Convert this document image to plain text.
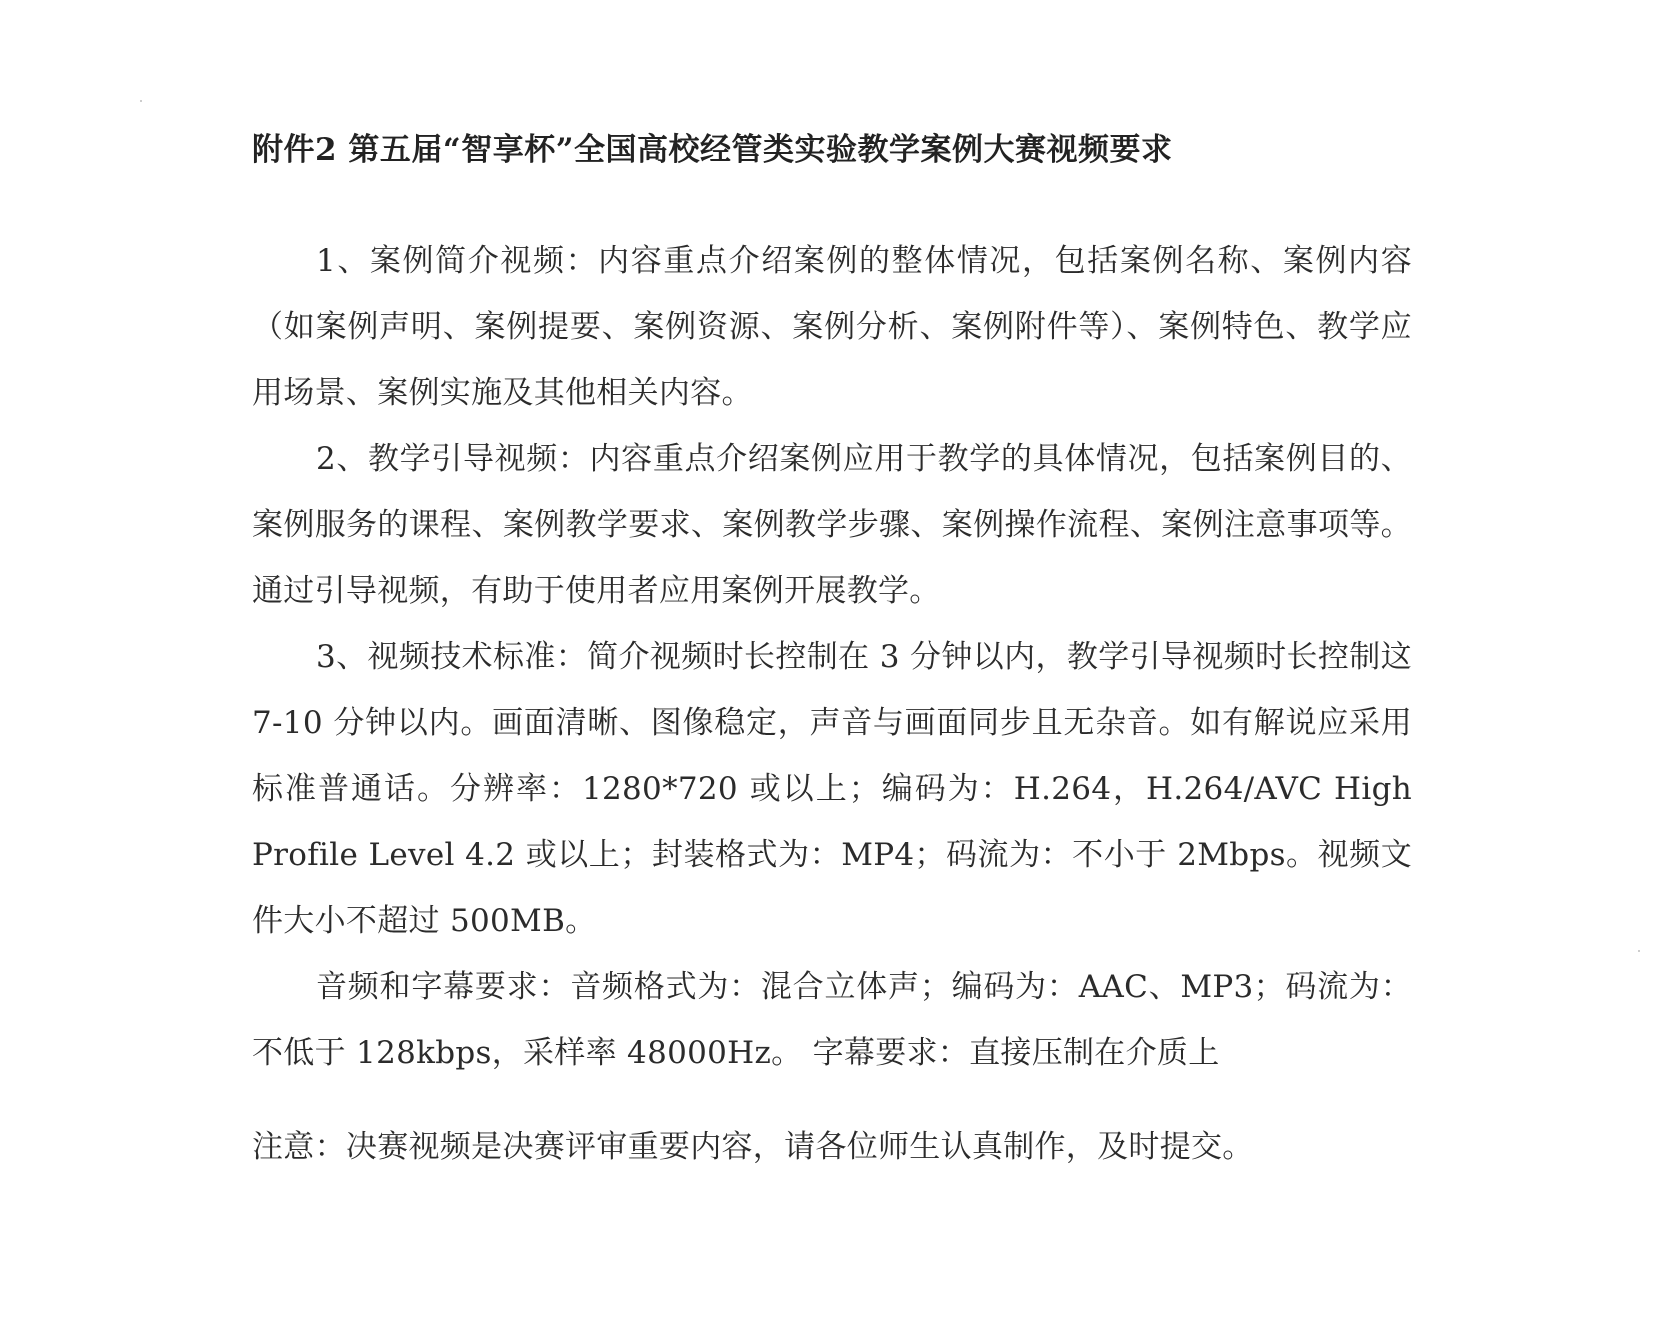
附件2 第五届“智享杯”全国高校经管类实验教学案例大赛视频要求

1、案例简介视频：内容重点介绍案例的整体情况，包括案例名称、案例内容（如案例声明、案例提要、案例资源、案例分析、案例附件等）、案例特色、教学应用场景、案例实施及其他相关内容。

2、教学引导视频：内容重点介绍案例应用于教学的具体情况，包括案例目的、案例服务的课程、案例教学要求、案例教学步骤、案例操作流程、案例注意事项等。通过引导视频，有助于使用者应用案例开展教学。

3、视频技术标准：简介视频时长控制在 3 分钟以内，教学引导视频时长控制这 7-10 分钟以内。画面清晰、图像稳定，声音与画面同步且无杂音。如有解说应采用标准普通话。分辨率：1280*720 或以上；编码为：H.264，H.264/AVC High Profile Level 4.2 或以上；封装格式为：MP4；码流为：不小于 2Mbps。视频文件大小不超过 500MB。

音频和字幕要求：音频格式为：混合立体声；编码为：AAC、MP3；码流为：不低于 128kbps，采样率 48000Hz。 字幕要求：直接压制在介质上

注意：决赛视频是决赛评审重要内容，请各位师生认真制作，及时提交。
